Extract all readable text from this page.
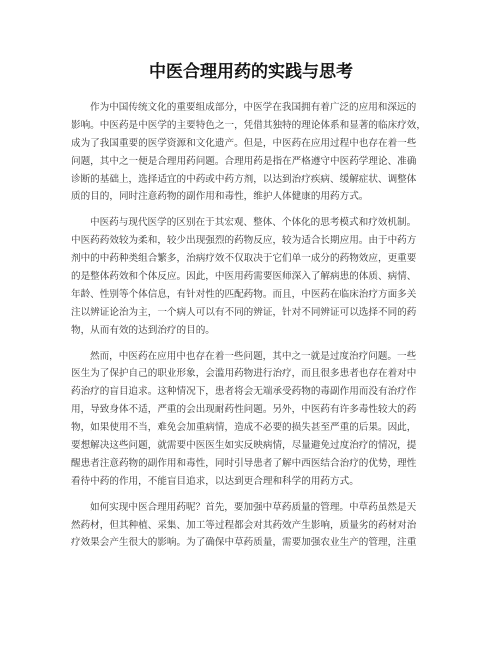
中医合理用药的实践与思考

作为中国传统文化的重要组成部分，中医学在我国拥有着广泛的应用和深远的
影响。中医药是中医学的主要特色之一，凭借其独特的理论体系和显著的临床疗效，
成为了我国重要的医学资源和文化遗产。但是，中医药在应用过程中也存在着一些
问题，其中之一便是合理用药问题。合理用药是指在严格遵守中医药学理论、准确
诊断的基础上，选择适宜的中药或中药方剂，以达到治疗疾病、缓解症状、调整体
质的目的，同时注意药物的副作用和毒性，维护人体健康的用药方式。

中医药与现代医学的区别在于其宏观、整体、个体化的思考模式和疗效机制。
中医药药效较为柔和，较少出现强烈的药物反应，较为适合长期应用。由于中药方
剂中的中药种类组合繁多，治病疗效不仅取决于它们单一成分的药物效应，更重要
的是整体药效和个体反应。因此，中医用药需要医师深入了解病患的体质、病情、
年龄、性别等个体信息，有针对性的匹配药物。而且，中医药在临床治疗方面多关
注以辨证论治为主，一个病人可以有不同的辨证，针对不同辨证可以选择不同的药
物，从而有效的达到治疗的目的。

然而，中医药在应用中也存在着一些问题，其中之一就是过度治疗问题。一些
医生为了保护自己的职业形象，会滥用药物进行治疗，而且很多患者也存在着对中
药治疗的盲目追求。这种情况下，患者将会无端承受药物的毒副作用而没有治疗作
用，导致身体不适，严重的会出现耐药性问题。另外，中医药有许多毒性较大的药
物，如果使用不当，难免会加重病情，造成不必要的损失甚至严重的后果。因此，
要想解决这些问题，就需要中医医生如实反映病情，尽量避免过度治疗的情况，提
醒患者注意药物的副作用和毒性，同时引导患者了解中西医结合治疗的优势，理性
看待中药的作用，不能盲目追求，以达到更合理和科学的用药方式。

如何实现中医合理用药呢？首先，要加强中草药质量的管理。中草药虽然是天
然药材，但其种植、采集、加工等过程都会对其药效产生影响，质量劣的药材对治
疗效果会产生很大的影响。为了确保中草药质量，需要加强农业生产的管理，注重
